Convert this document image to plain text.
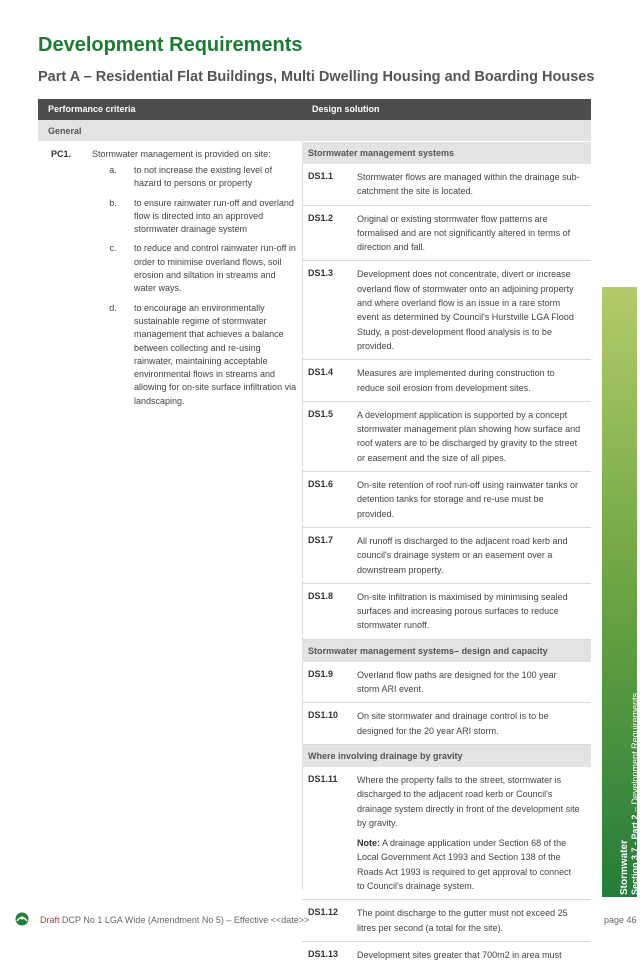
Development Requirements
Part A – Residential Flat Buildings, Multi Dwelling Housing and Boarding Houses
Performance criteria	Design solution
General
PC1. Stormwater management is provided on site:
a.	to not increase the existing level of hazard to persons or property
b.	to ensure rainwater run-off and overland flow is directed into an approved stormwater drainage system
c.	to reduce and control rainwater run-off in order to minimise overland flows, soil erosion and siltation in streams and water ways.
d.	to encourage an environmentally sustainable regime of stormwater management that achieves a balance between collecting and re-using rainwater, maintaining acceptable environmental flows in streams and allowing for on-site surface infiltration via landscaping.
Stormwater management systems
DS1.1	Stormwater flows are managed within the drainage sub-catchment the site is located.
DS1.2	Original or existing stormwater flow patterns are formalised and are not significantly altered in terms of direction and fall.
DS1.3	Development does not concentrate, divert or increase overland flow of stormwater onto an adjoining property and where overland flow is an issue in a rare storm event as determined by Council's Hurstville LGA Flood Study, a post-development flood analysis is to be provided.
DS1.4	Measures are implemented during construction to reduce soil erosion from development sites.
DS1.5	A development application is supported by a concept stormwater management plan showing how surface and roof waters are to be discharged by gravity to the street or easement and the size of all pipes.
DS1.6	On-site retention of roof run-off using rainwater tanks or detention tanks for storage and re-use must be provided.
DS1.7	All runoff is discharged to the adjacent road kerb and council's drainage system or an easement over a downstream property.
DS1.8	On-site infiltration is maximised by minimising sealed surfaces and increasing porous surfaces to reduce stormwater runoff.
Stormwater management systems– design and capacity
DS1.9	Overland flow paths are designed for the 100 year storm ARI event.
DS1.10	On site stormwater and drainage control is to be designed for the 20 year ARI storm.
Where involving drainage by gravity
DS1.11	Where the property falls to the street, stormwater is discharged to the adjacent road kerb or Council's drainage system directly in front of the development site by gravity.
Note: A drainage application under Section 68 of the Local Government Act 1993 and Section 138 of the Roads Act 1993 is required to get approval to connect to Council's drainage system.
DS1.12	The point discharge to the gutter must not exceed 25 litres per second (a total for the site).
DS1.13	Development sites greater that 700m2 in area must
Stormwater Section 3.7 - Part 2 – Development Requirements
Draft DCP No 1 LGA Wide (Amendment No 5) – Effective <<date>>	page 46
